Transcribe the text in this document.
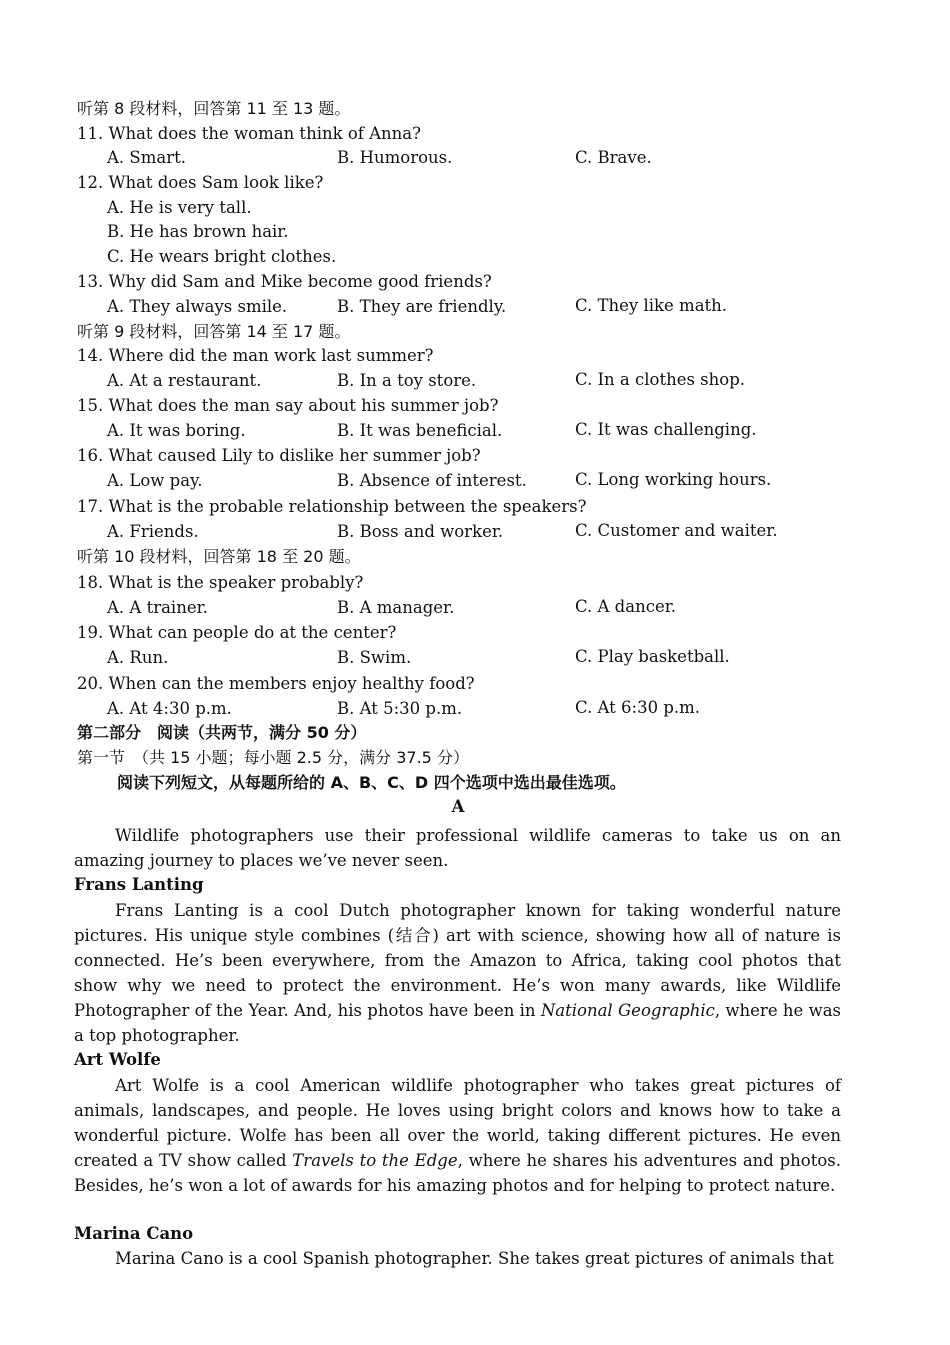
听第 8 段材料，回答第 11 至 13 题。
11. What does the woman think of Anna?
A. Smart.	B. Humorous.	C. Brave.
12. What does Sam look like?
A. He is very tall.
B. He has brown hair.
C. He wears bright clothes.
13. Why did Sam and Mike become good friends?
A. They always smile.	B. They are friendly.	C. They like math.
听第 9 段材料，回答第 14 至 17 题。
14. Where did the man work last summer?
A. At a restaurant.	B. In a toy store.	C. In a clothes shop.
15. What does the man say about his summer job?
A. It was boring.	B. It was beneficial.	C. It was challenging.
16. What caused Lily to dislike her summer job?
A. Low pay.	B. Absence of interest.	C. Long working hours.
17. What is the probable relationship between the speakers?
A. Friends.	B. Boss and worker.	C. Customer and waiter.
听第 10 段材料，回答第 18 至 20 题。
18. What is the speaker probably?
A. A trainer.	B. A manager.	C. A dancer.
19. What can people do at the center?
A. Run.	B. Swim.	C. Play basketball.
20. When can the members enjoy healthy food?
A. At 4:30 p.m.	B. At 5:30 p.m.	C. At 6:30 p.m.
第二部分　阅读（共两节，满分 50 分）
第一节　（共 15 小题；每小题 2.5 分，满分 37.5 分）
阅读下列短文，从每题所给的 A、B、C、D 四个选项中选出最佳选项。
A
Wildlife photographers use their professional wildlife cameras to take us on an amazing journey to places we’ve never seen.
Frans Lanting
Frans Lanting is a cool Dutch photographer known for taking wonderful nature pictures. His unique style combines (结合) art with science, showing how all of nature is connected. He’s been everywhere, from the Amazon to Africa, taking cool photos that show why we need to protect the environment. He’s won many awards, like Wildlife Photographer of the Year. And, his photos have been in National Geographic, where he was a top photographer.
Art Wolfe
Art Wolfe is a cool American wildlife photographer who takes great pictures of animals, landscapes, and people. He loves using bright colors and knows how to take a wonderful picture. Wolfe has been all over the world, taking different pictures. He even created a TV show called Travels to the Edge, where he shares his adventures and photos. Besides, he’s won a lot of awards for his amazing photos and for helping to protect nature.
Marina Cano
Marina Cano is a cool Spanish photographer. She takes great pictures of animals that
